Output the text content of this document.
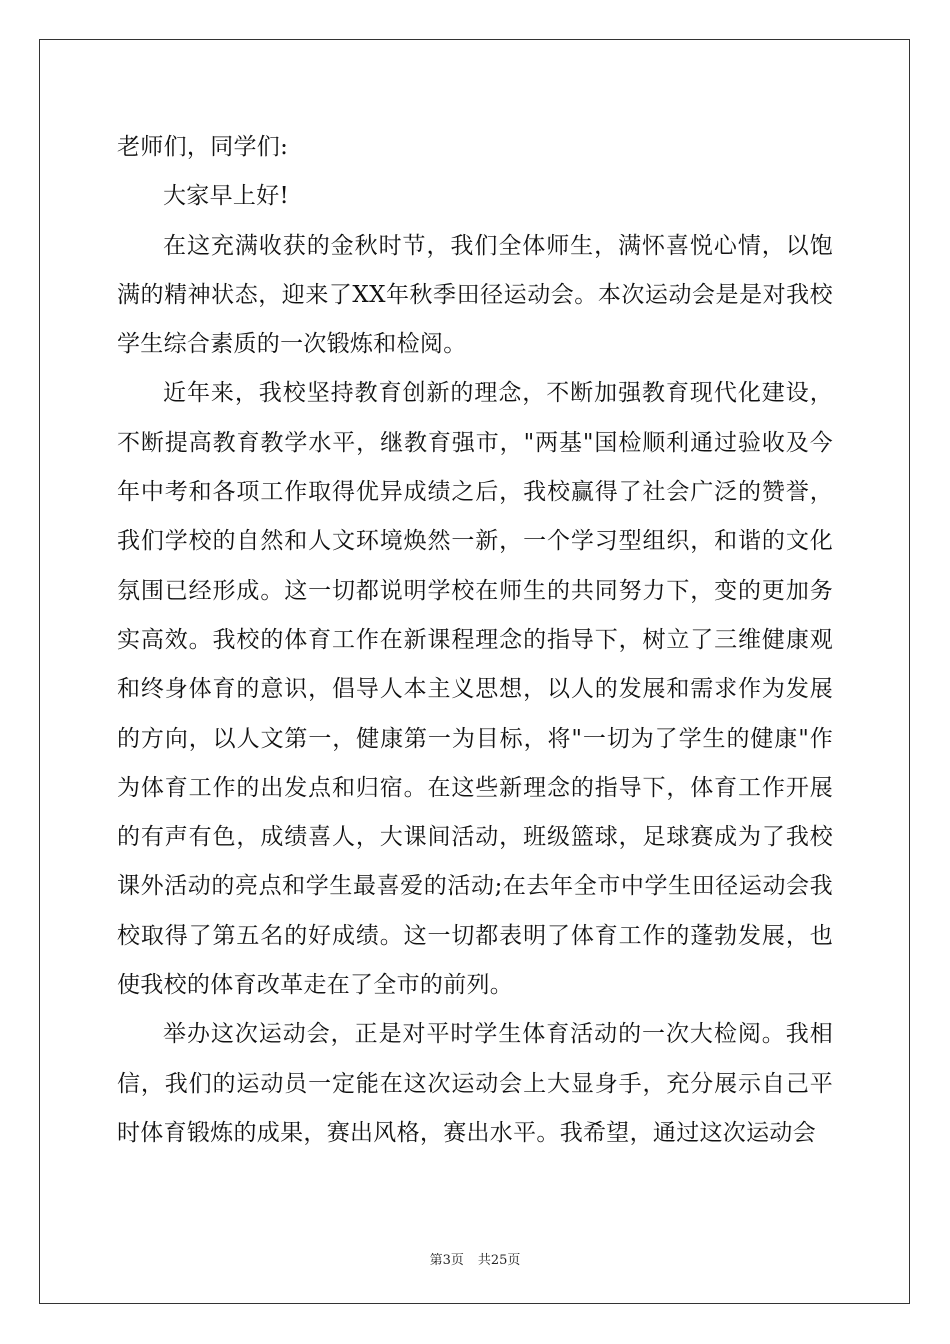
老师们，同学们:

大家早上好!

在这充满收获的金秋时节，我们全体师生，满怀喜悦心情，以饱满的精神状态，迎来了XX年秋季田径运动会。本次运动会是是对我校学生综合素质的一次锻炼和检阅。

近年来，我校坚持教育创新的理念，不断加强教育现代化建设，不断提高教育教学水平，继教育强市，"两基"国检顺利通过验收及今年中考和各项工作取得优异成绩之后，我校赢得了社会广泛的赞誉，我们学校的自然和人文环境焕然一新，一个学习型组织，和谐的文化氛围已经形成。这一切都说明学校在师生的共同努力下，变的更加务实高效。我校的体育工作在新课程理念的指导下，树立了三维健康观和终身体育的意识，倡导人本主义思想，以人的发展和需求作为发展的方向，以人文第一，健康第一为目标，将"一切为了学生的健康"作为体育工作的出发点和归宿。在这些新理念的指导下，体育工作开展的有声有色，成绩喜人，大课间活动，班级篮球，足球赛成为了我校课外活动的亮点和学生最喜爱的活动;在去年全市中学生田径运动会我校取得了第五名的好成绩。这一切都表明了体育工作的蓬勃发展，也使我校的体育改革走在了全市的前列。

举办这次运动会，正是对平时学生体育活动的一次大检阅。我相信，我们的运动员一定能在这次运动会上大显身手，充分展示自己平时体育锻炼的成果，赛出风格，赛出水平。我希望，通过这次运动会

第3页 共25页
